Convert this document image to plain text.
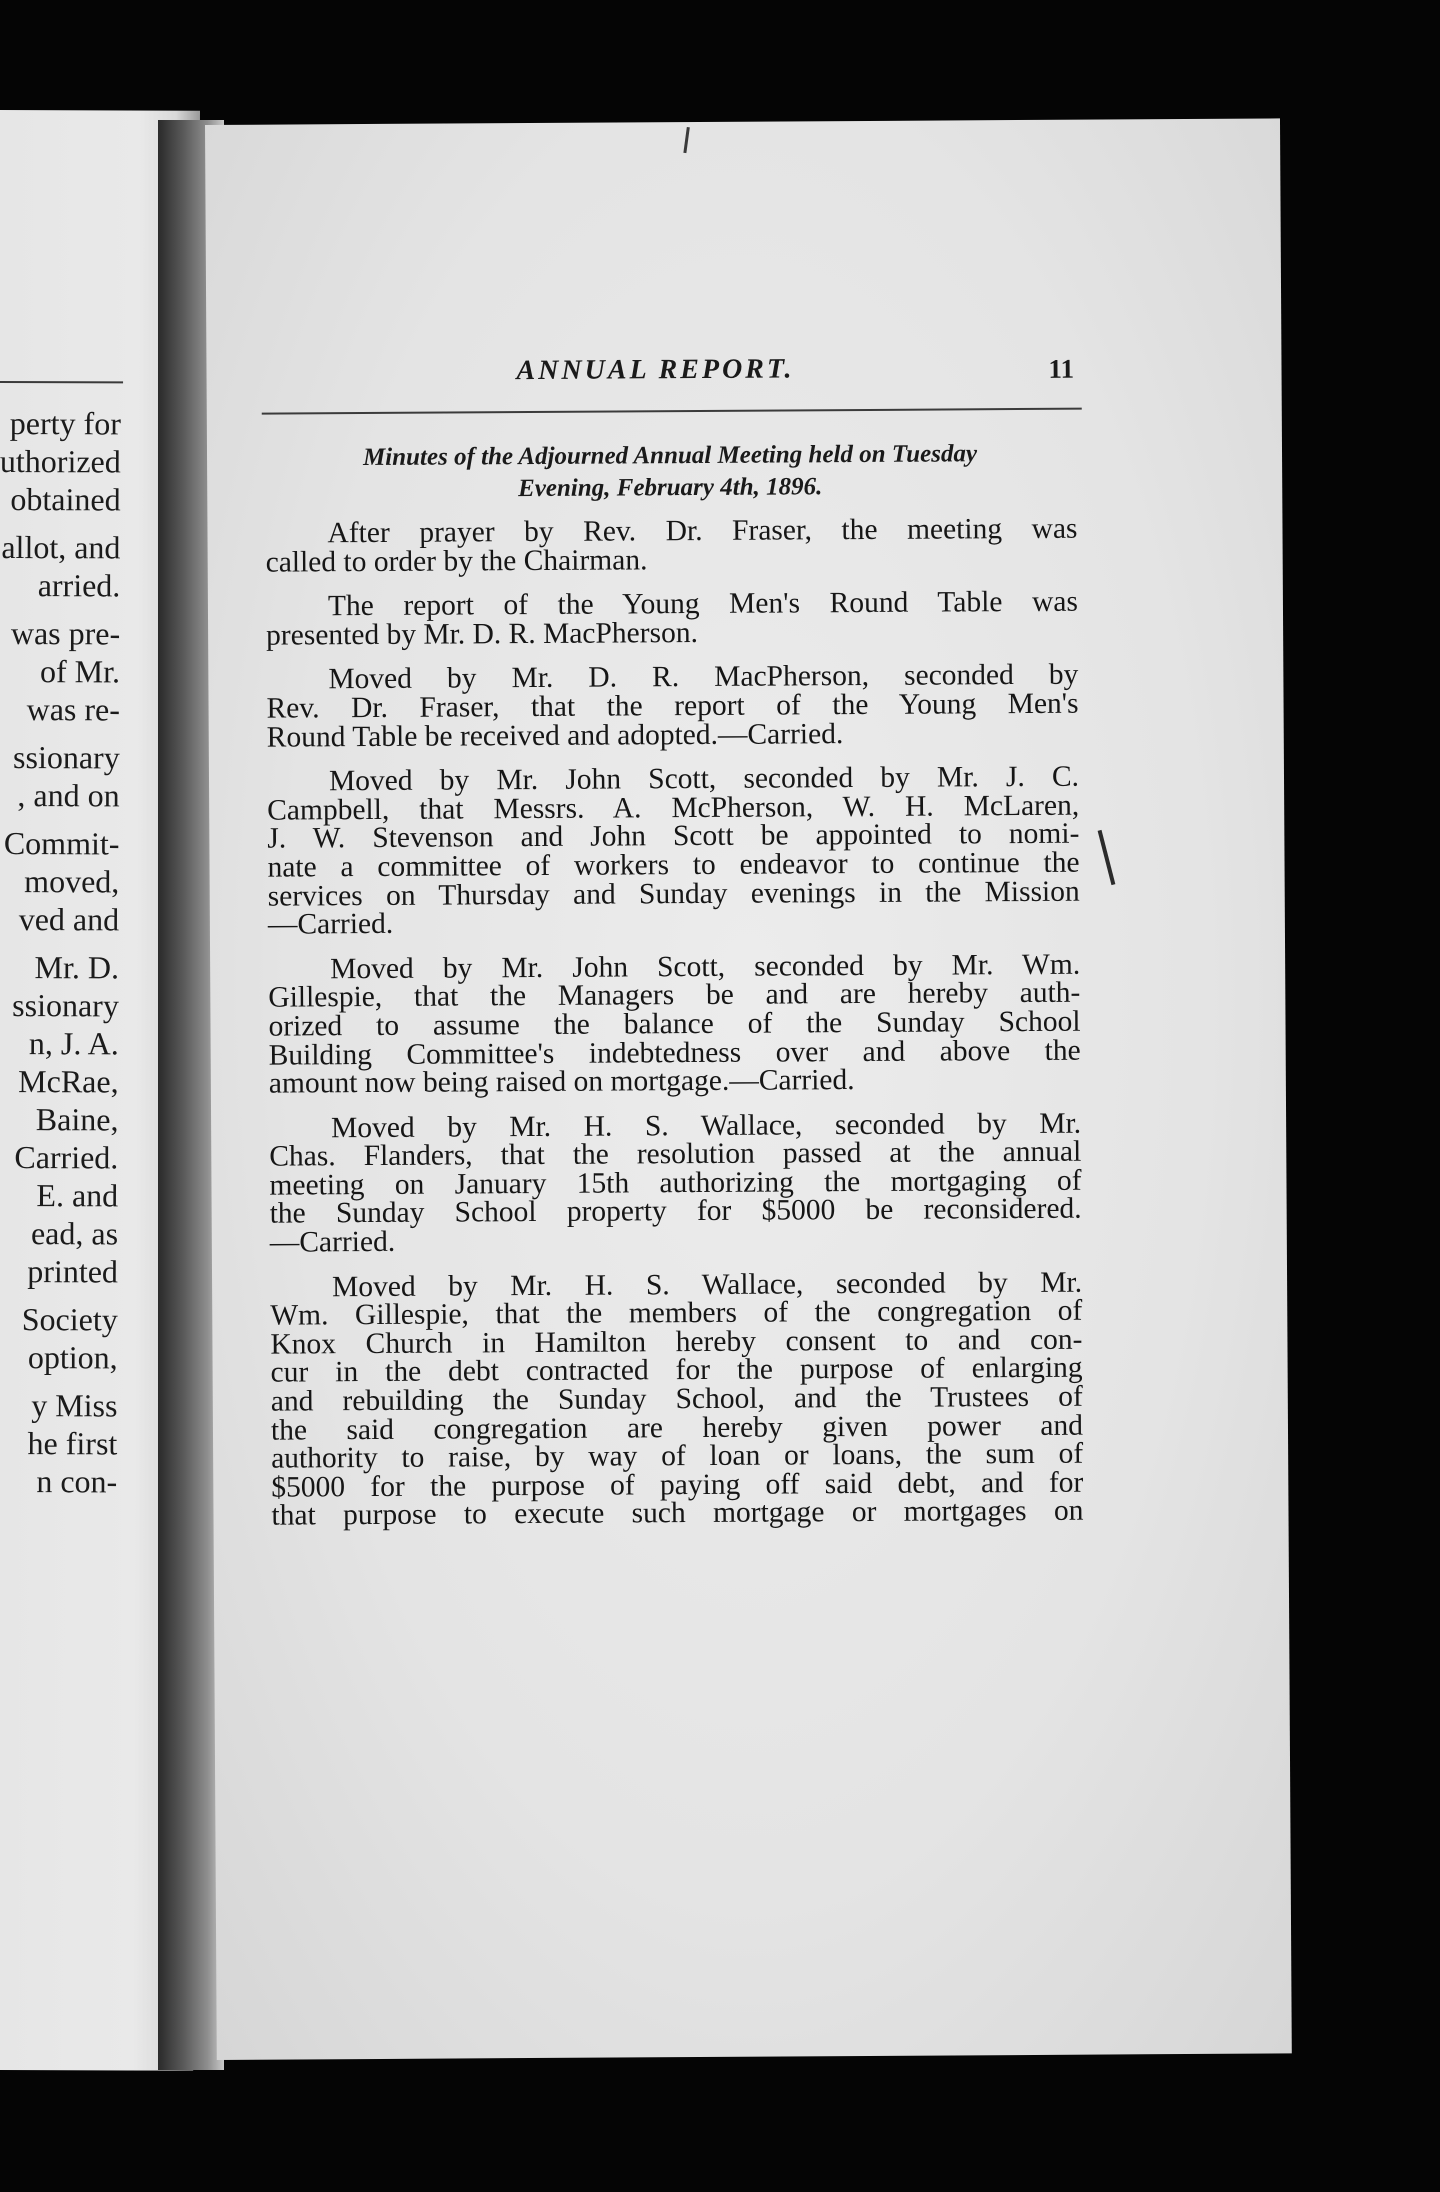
perty for
uthorized
obtained
allot, and
arried.
was pre-
of Mr.
was re-
ssionary
, and on
Commit-
moved,
ved and
Mr. D.
ssionary
n, J. A.
McRae,
Baine,
Carried.
E. and
ead, as
printed
Society
option,
y Miss
he first
n con-
ANNUAL REPORT.	11
Minutes of the Adjourned Annual Meeting held on Tuesday
Evening, February 4th, 1896.
After prayer by Rev. Dr. Fraser, the meeting was
called to order by the Chairman.
The report of the Young Men's Round Table was
presented by Mr. D. R. MacPherson.
Moved by Mr. D. R. MacPherson, seconded by
Rev. Dr. Fraser, that the report of the Young Men's
Round Table be received and adopted.—Carried.
Moved by Mr. John Scott, seconded by Mr. J. C.
Campbell, that Messrs. A. McPherson, W. H. McLaren,
J. W. Stevenson and John Scott be appointed to nomi-
nate a committee of workers to endeavor to continue the
services on Thursday and Sunday evenings in the Mission
—Carried.
Moved by Mr. John Scott, seconded by Mr. Wm.
Gillespie, that the Managers be and are hereby auth-
orized to assume the balance of the Sunday School
Building Committee's indebtedness over and above the
amount now being raised on mortgage.—Carried.
Moved by Mr. H. S. Wallace, seconded by Mr.
Chas. Flanders, that the resolution passed at the annual
meeting on January 15th authorizing the mortgaging of
the Sunday School property for $5000 be reconsidered.
—Carried.
Moved by Mr. H. S. Wallace, seconded by Mr.
Wm. Gillespie, that the members of the congregation of
Knox Church in Hamilton hereby consent to and con-
cur in the debt contracted for the purpose of enlarging
and rebuilding the Sunday School, and the Trustees of
the said congregation are hereby given power and
authority to raise, by way of loan or loans, the sum of
$5000 for the purpose of paying off said debt, and for
that purpose to execute such mortgage or mortgages on
